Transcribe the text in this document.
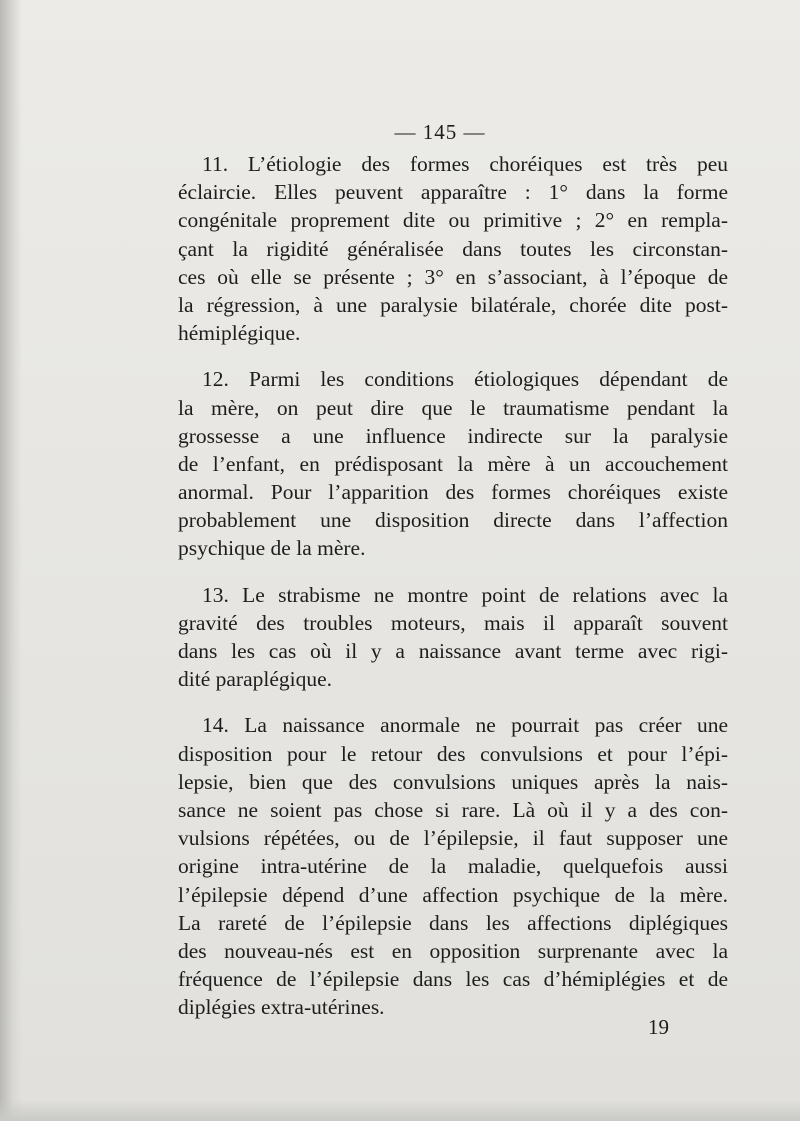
— 145 —
11. L’étiologie des formes choréiques est très peu
éclaircie. Elles peuvent apparaître : 1° dans la forme
congénitale proprement dite ou primitive ; 2° en rempla-
çant la rigidité généralisée dans toutes les circonstan-
ces où elle se présente ; 3° en s’associant, à l’époque de
la régression, à une paralysie bilatérale, chorée dite post-
hémiplégique.
12. Parmi les conditions étiologiques dépendant de
la mère, on peut dire que le traumatisme pendant la
grossesse a une influence indirecte sur la paralysie
de l’enfant, en prédisposant la mère à un accouchement
anormal. Pour l’apparition des formes choréiques existe
probablement une disposition directe dans l’affection
psychique de la mère.
13. Le strabisme ne montre point de relations avec la
gravité des troubles moteurs, mais il apparaît souvent
dans les cas où il y a naissance avant terme avec rigi-
dité paraplégique.
14. La naissance anormale ne pourrait pas créer une
disposition pour le retour des convulsions et pour l’épi-
lepsie, bien que des convulsions uniques après la nais-
sance ne soient pas chose si rare. Là où il y a des con-
vulsions répétées, ou de l’épilepsie, il faut supposer une
origine intra-utérine de la maladie, quelquefois aussi
l’épilepsie dépend d’une affection psychique de la mère.
La rareté de l’épilepsie dans les affections diplégiques
des nouveau-nés est en opposition surprenante avec la
fréquence de l’épilepsie dans les cas d’hémiplégies et de
diplégies extra-utérines.
19
